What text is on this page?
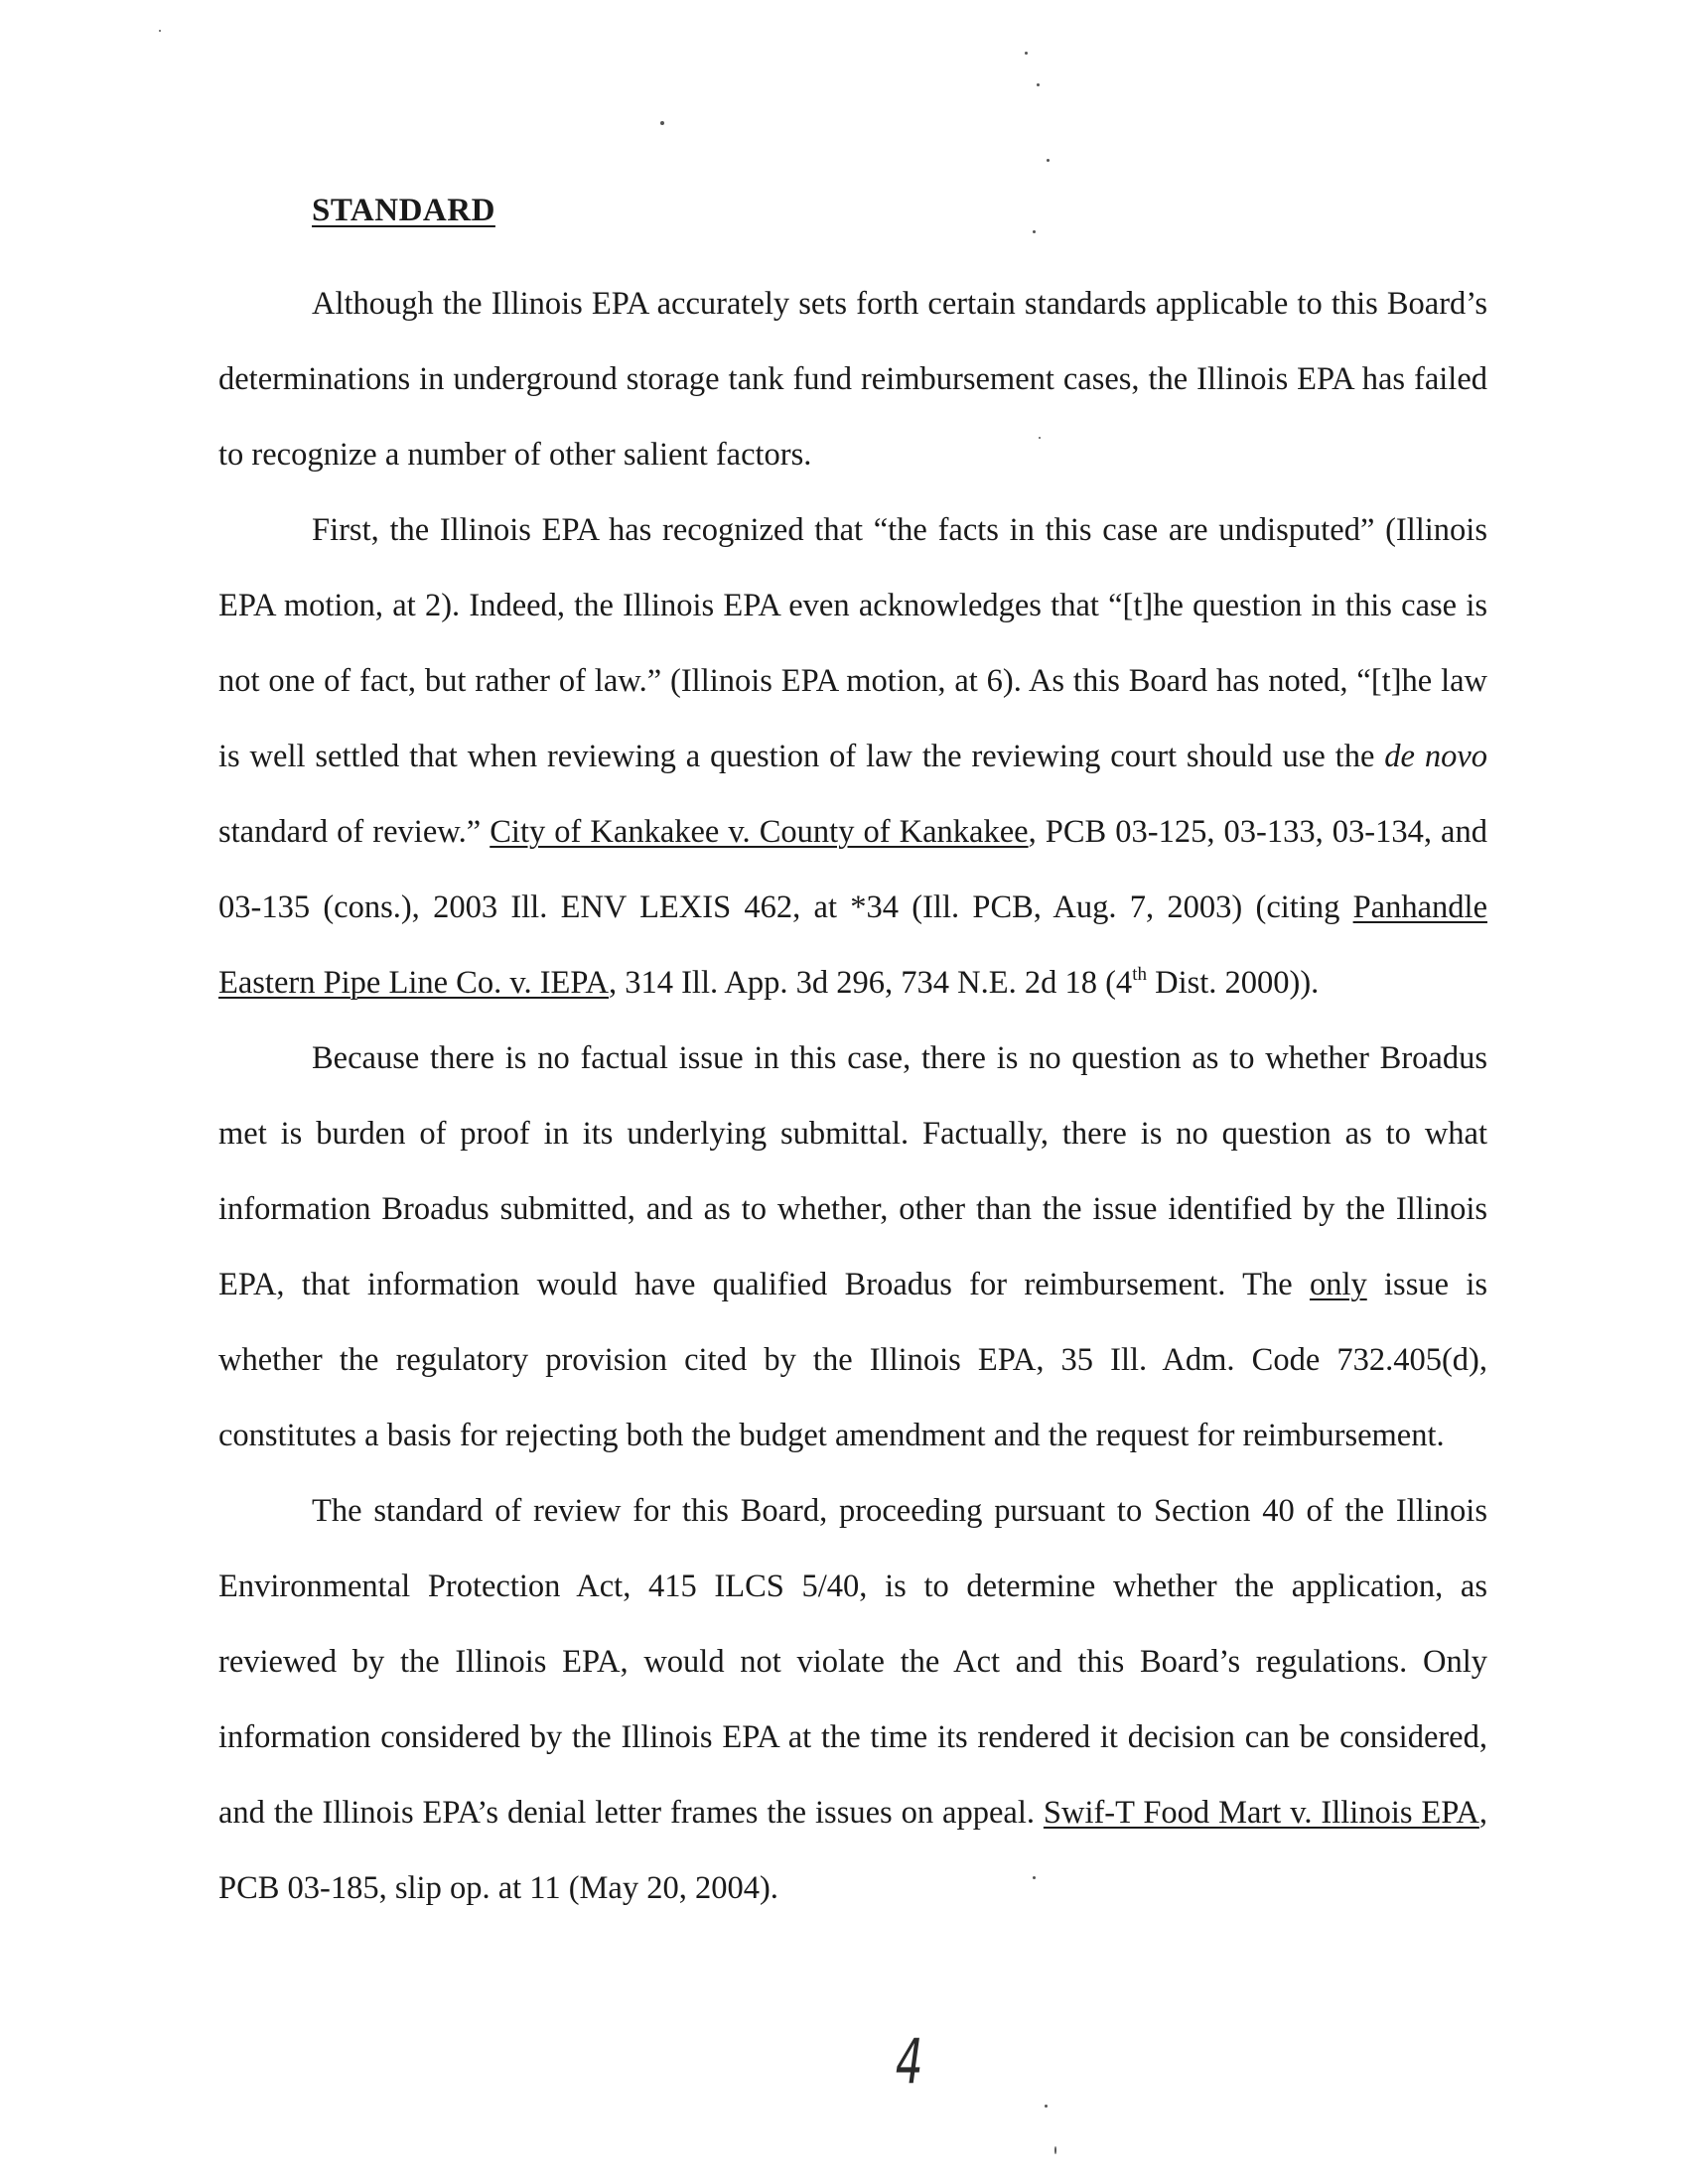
STANDARD

Although the Illinois EPA accurately sets forth certain standards applicable to this Board’s determinations in underground storage tank fund reimbursement cases, the Illinois EPA has failed to recognize a number of other salient factors.

First, the Illinois EPA has recognized that “the facts in this case are undisputed” (Illinois EPA motion, at 2). Indeed, the Illinois EPA even acknowledges that “[t]he question in this case is not one of fact, but rather of law.” (Illinois EPA motion, at 6). As this Board has noted, “[t]he law is well settled that when reviewing a question of law the reviewing court should use the de novo standard of review.” City of Kankakee v. County of Kankakee, PCB 03-125, 03-133, 03-134, and 03-135 (cons.), 2003 Ill. ENV LEXIS 462, at *34 (Ill. PCB, Aug. 7, 2003) (citing Panhandle Eastern Pipe Line Co. v. IEPA, 314 Ill. App. 3d 296, 734 N.E. 2d 18 (4th Dist. 2000)).

Because there is no factual issue in this case, there is no question as to whether Broadus met is burden of proof in its underlying submittal. Factually, there is no question as to what information Broadus submitted, and as to whether, other than the issue identified by the Illinois EPA, that information would have qualified Broadus for reimbursement. The only issue is whether the regulatory provision cited by the Illinois EPA, 35 Ill. Adm. Code 732.405(d), constitutes a basis for rejecting both the budget amendment and the request for reimbursement.

The standard of review for this Board, proceeding pursuant to Section 40 of the Illinois Environmental Protection Act, 415 ILCS 5/40, is to determine whether the application, as reviewed by the Illinois EPA, would not violate the Act and this Board’s regulations. Only information considered by the Illinois EPA at the time its rendered it decision can be considered, and the Illinois EPA’s denial letter frames the issues on appeal. Swif-T Food Mart v. Illinois EPA, PCB 03-185, slip op. at 11 (May 20, 2004).

4
